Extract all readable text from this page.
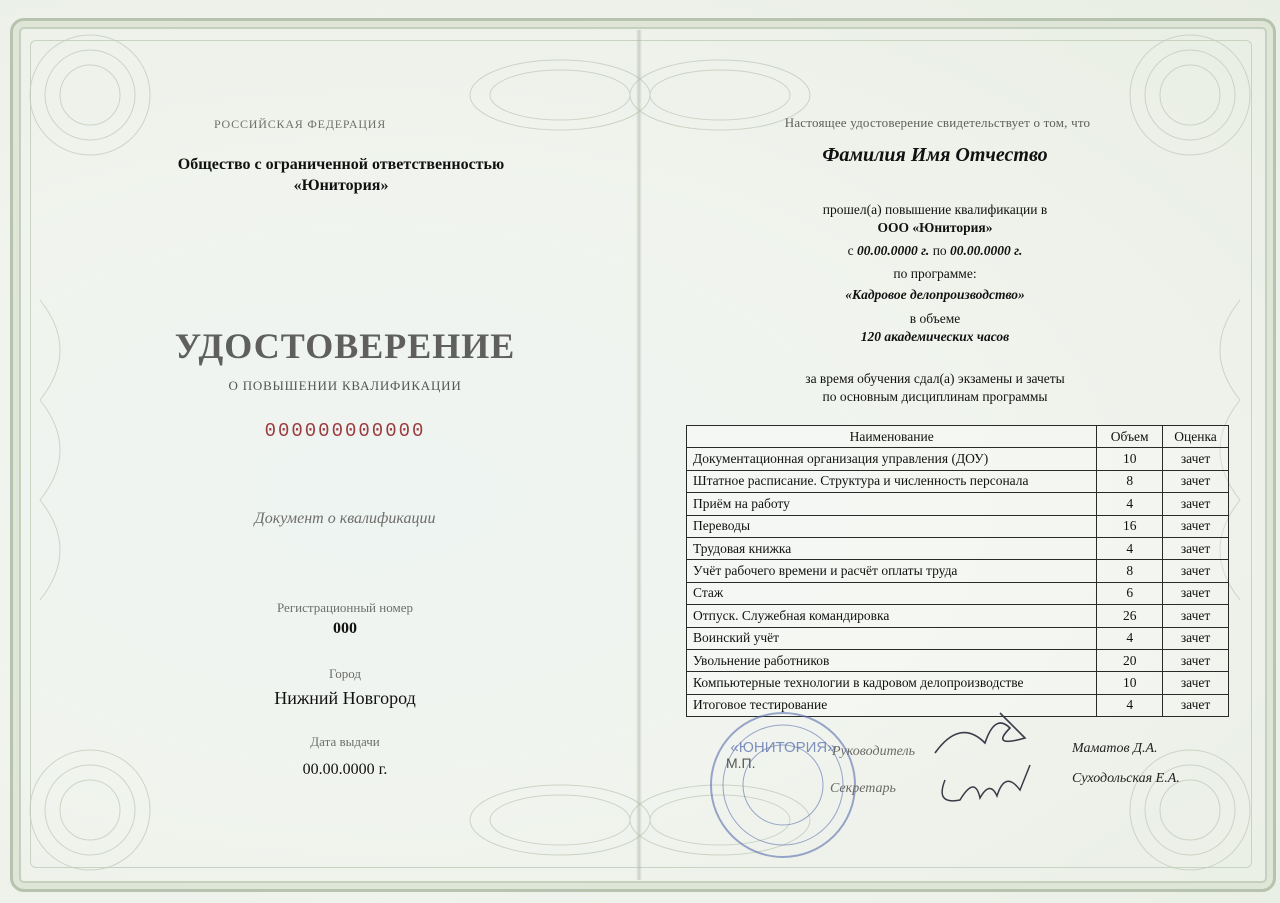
РОССИЙСКАЯ ФЕДЕРАЦИЯ
Общество с ограниченной ответственностью
«Юнитория»
УДОСТОВЕРЕНИЕ
О ПОВЫШЕНИИ КВАЛИФИКАЦИИ
000000000000
Документ о квалификации
Регистрационный номер
000
Город
Нижний Новгород
Дата выдачи
00.00.0000 г.
Настоящее удостоверение свидетельствует о том, что
Фамилия Имя Отчество
прошел(а) повышение квалификации в
ООО «Юнитория»
с 00.00.0000 г. по 00.00.0000 г.
по программе:
«Кадровое делопроизводство»
в объеме
120 академических часов
за время обучения сдал(а) экзамены и зачеты
по основным дисциплинам программы
Наименование	Объем	Оценка
Документационная организация управления (ДОУ)	10	зачет
Штатное расписание. Структура и численность персонала	8	зачет
Приём на работу	4	зачет
Переводы	16	зачет
Трудовая книжка	4	зачет
Учёт рабочего времени и расчёт оплаты труда	8	зачет
Стаж	6	зачет
Отпуск. Служебная командировка	26	зачет
Воинский учёт	4	зачет
Увольнение работников	20	зачет
Компьютерные технологии в кадровом делопроизводстве	10	зачет
Итоговое тестирование	4	зачет
«ЮНИТОРИЯ»
М.П.
Руководитель
Секретарь
Маматов Д.А.
Суходольская Е.А.
